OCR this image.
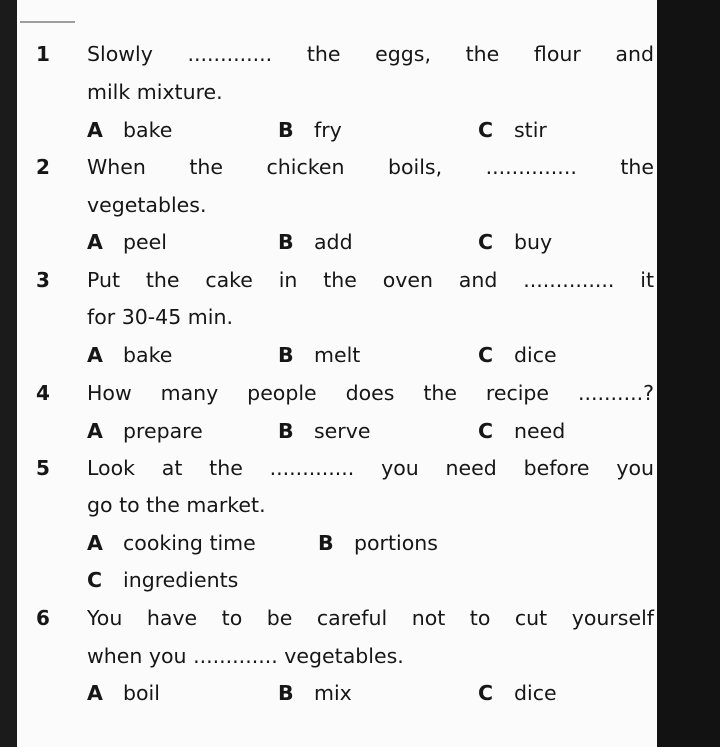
1 Slowly ............. the eggs, the flour and
milk mixture.
A bake	B fry	C stir
2 When the chicken boils, .............. the
vegetables.
A peel	B add	C buy
3 Put the cake in the oven and .............. it
for 30-45 min.
A bake	B melt	C dice
4 How many people does the recipe ..........?
A prepare	B serve	C need
5 Look at the ............. you need before you
go to the market.
A cooking time	B portions
C ingredients
6 You have to be careful not to cut yourself
when you ............. vegetables.
A boil	B mix	C dice
